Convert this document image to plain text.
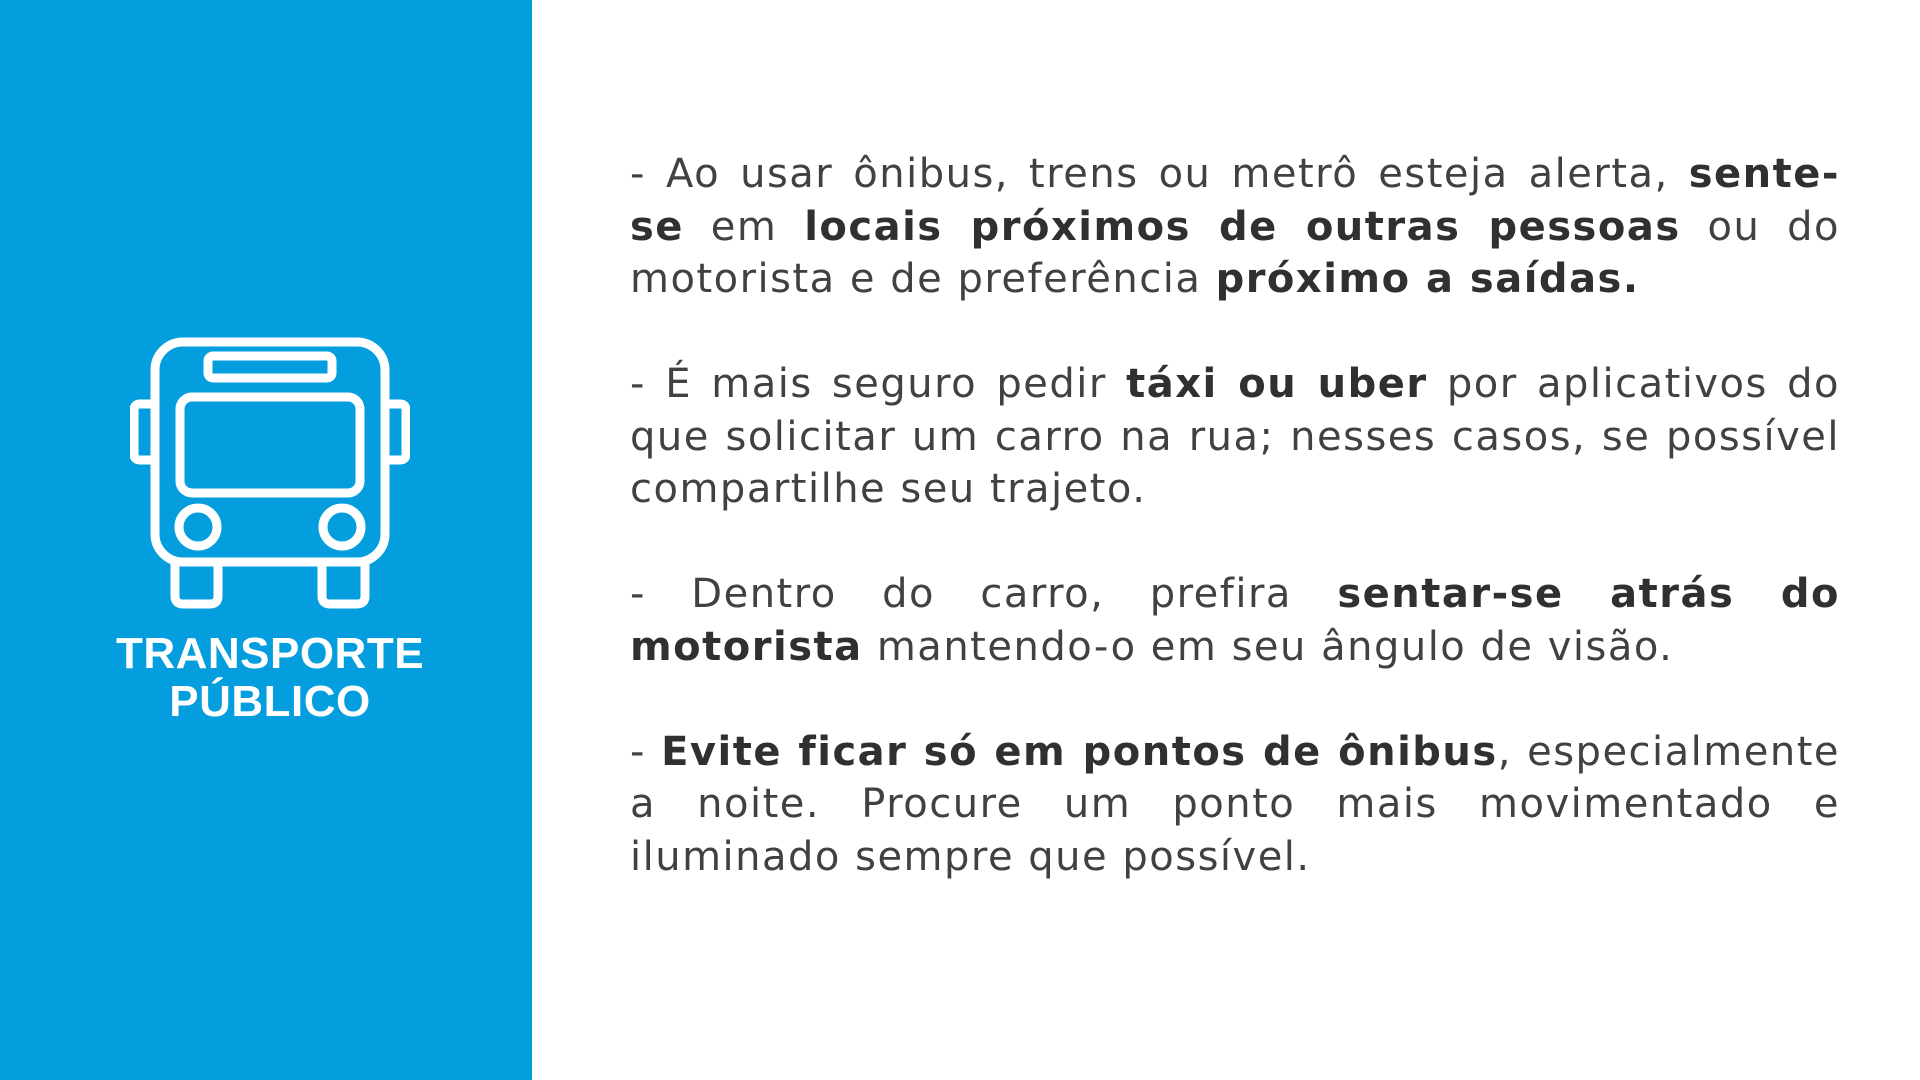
TRANSPORTE
PÚBLICO

- Ao usar ônibus, trens ou metrô esteja alerta, sente-se em locais próximos de outras pessoas ou do motorista e de preferência próximo a saídas.

- É mais seguro pedir táxi ou uber por aplicativos do que solicitar um carro na rua; nesses casos, se possível compartilhe seu trajeto.

- Dentro do carro, prefira sentar-se atrás do motorista mantendo-o em seu ângulo de visão.

- Evite ficar só em pontos de ônibus, especialmente a noite. Procure um ponto mais movimentado e iluminado sempre que possível.
